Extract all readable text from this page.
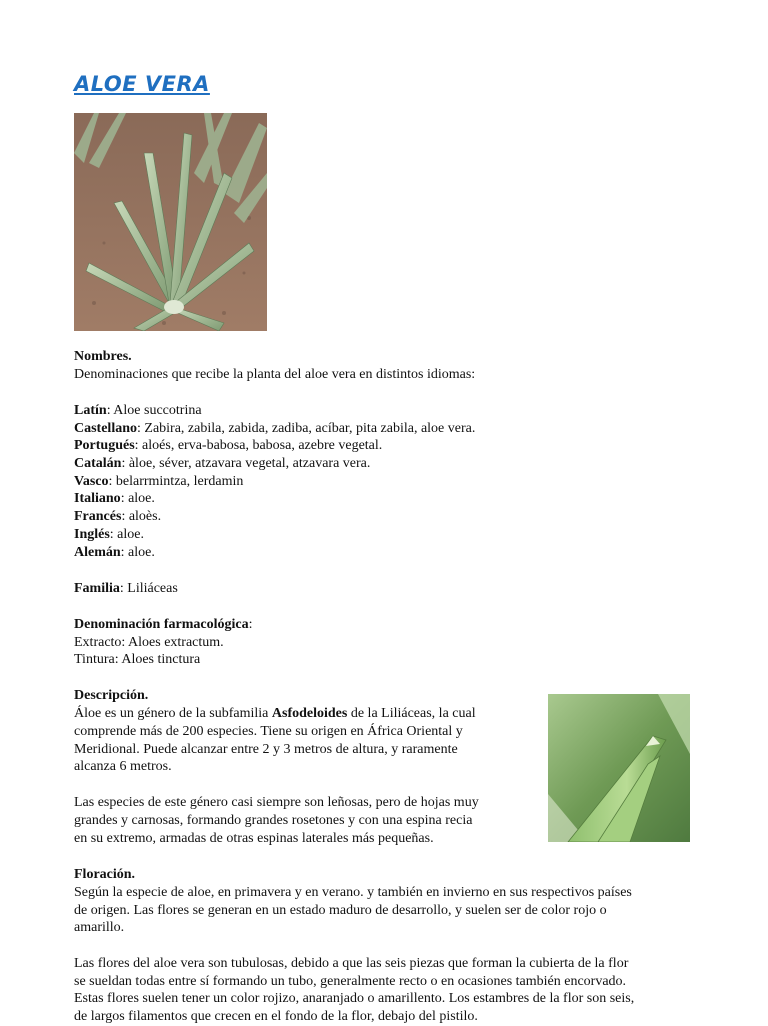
ALOE VERA
Nombres.
Denominaciones que recibe la planta del aloe vera en distintos idiomas:
Latín: Aloe succotrina
Castellano: Zabira, zabila, zabida, zadiba, acíbar, pita zabila, aloe vera.
Portugués: aloés, erva-babosa, babosa, azebre vegetal.
Catalán: àloe, séver, atzavara vegetal, atzavara vera.
Vasco: belarrmintza, lerdamin
Italiano: aloe.
Francés: aloès.
Inglés: aloe.
Alemán: aloe.
Familia: Liliáceas
Denominación farmacológica:
Extracto: Aloes extractum.
Tintura: Aloes tinctura
Descripción.
Áloe es un género de la subfamilia Asfodeloides de la Liliáceas, la cual
comprende más de 200 especies. Tiene su origen en África Oriental y
Meridional. Puede alcanzar entre 2 y 3 metros de altura, y raramente
alcanza 6 metros.
Las especies de este género casi siempre son leñosas, pero de hojas muy
grandes y carnosas, formando grandes rosetones y con una espina recia
en su extremo, armadas de otras espinas laterales más pequeñas.
Floración.
Según la especie de aloe, en primavera y en verano. y también en invierno en sus respectivos países
de origen. Las flores se generan en un estado maduro de desarrollo, y suelen ser de color rojo o
amarillo.
Las flores del aloe vera son tubulosas, debido a que las seis piezas que forman la cubierta de la flor
se sueldan todas entre sí formando un tubo, generalmente recto o en ocasiones también encorvado.
Estas flores suelen tener un color rojizo, anaranjado o amarillento. Los estambres de la flor son seis,
de largos filamentos que crecen en el fondo de la flor, debajo del pistilo.
